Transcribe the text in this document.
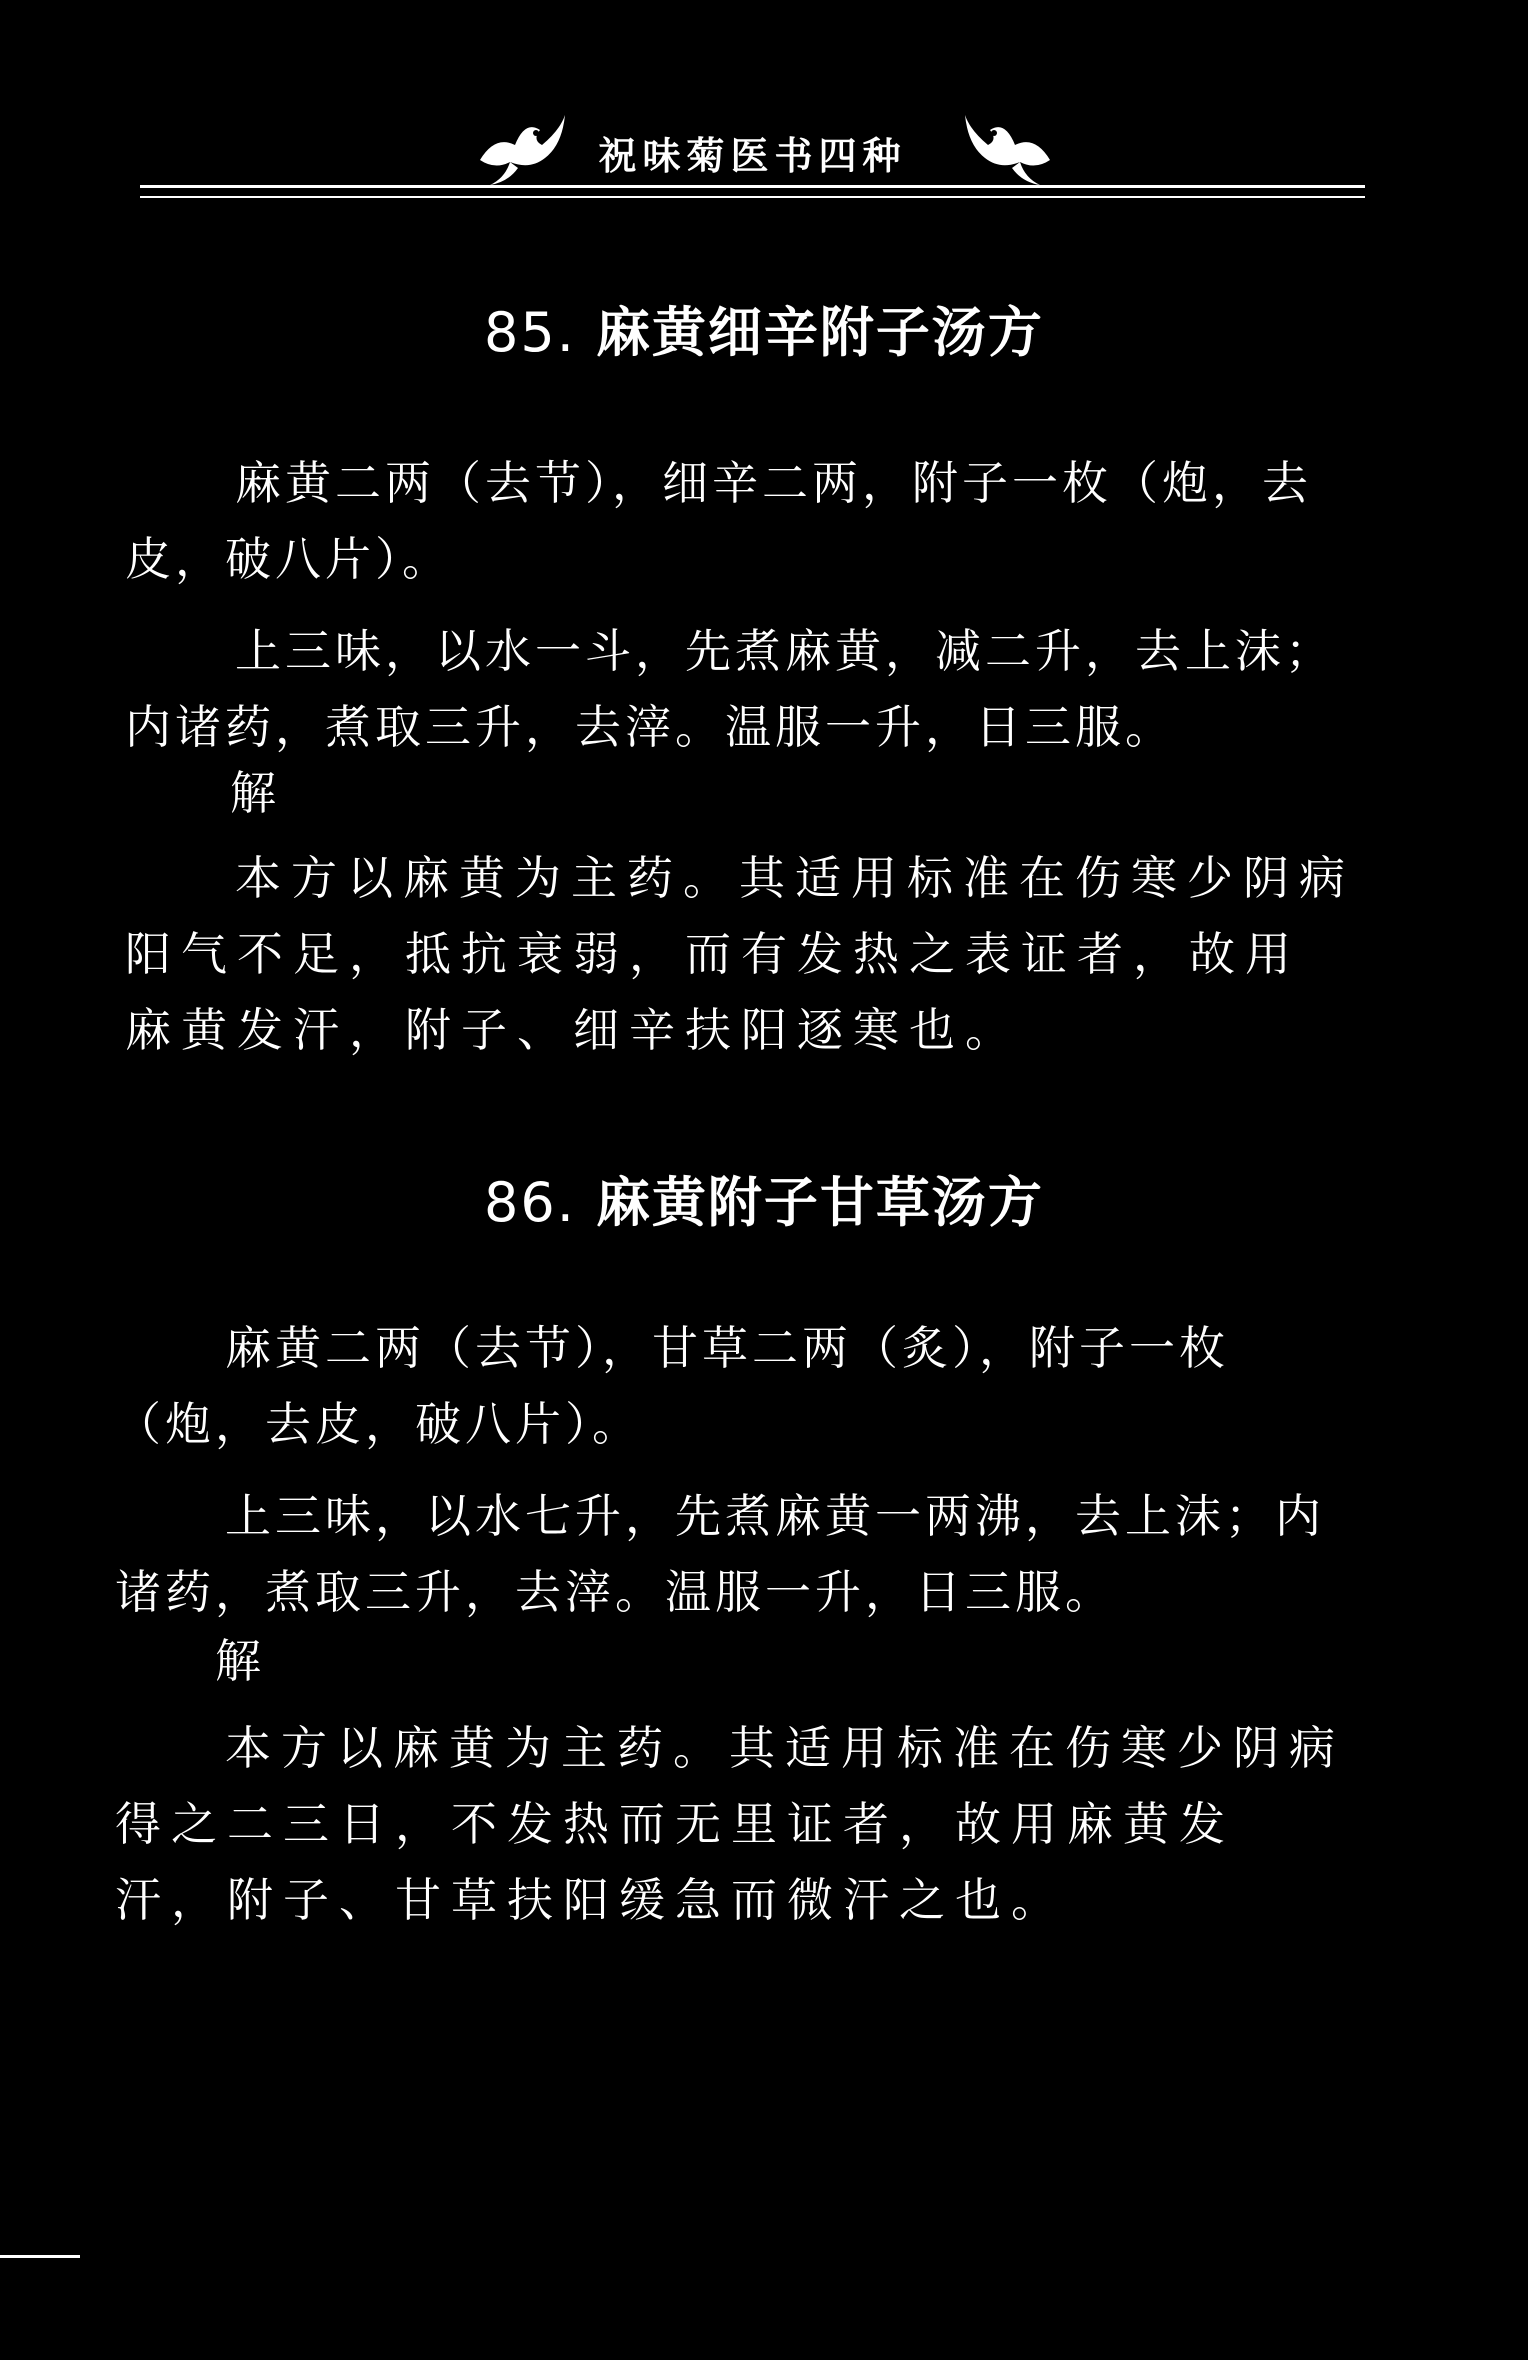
祝味菊医书四种
85. 麻黄细辛附子汤方

麻黄二两（去节），细辛二两，附子一枚（炮，去皮，破八片）。

上三味，以水一斗，先煮麻黄，减二升，去上沫；内诸药，煮取三升，去滓。温服一升，日三服。

解

本方以麻黄为主药。其适用标准在伤寒少阴病阳气不足，抵抗衰弱，而有发热之表证者，故用麻黄发汗，附子、细辛扶阳逐寒也。

86. 麻黄附子甘草汤方

麻黄二两（去节），甘草二两（炙），附子一枚（炮，去皮，破八片）。

上三味，以水七升，先煮麻黄一两沸，去上沫；内诸药，煮取三升，去滓。温服一升，日三服。

解

本方以麻黄为主药。其适用标准在伤寒少阴病得之二三日，不发热而无里证者，故用麻黄发汗，附子、甘草扶阳缓急而微汗之也。
